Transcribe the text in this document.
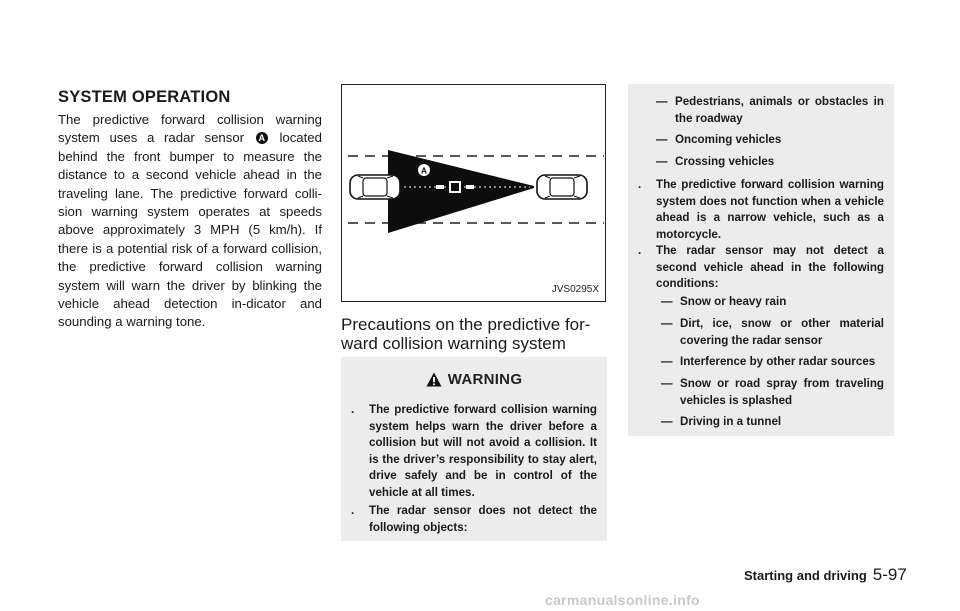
SYSTEM OPERATION
The predictive forward collision warning system uses a radar sensor A located behind the front bumper to measure the distance to a second vehicle ahead in the traveling lane. The predictive forward colli-sion warning system operates at speeds above approximately 3 MPH (5 km/h). If there is a potential risk of a forward collision, the predictive forward collision warning system will warn the driver by blinking the vehicle ahead detection in-dicator and sounding a warning tone.
A
JVS0295X
Precautions on the predictive for-
ward collision warning system
WARNING
.	The predictive forward collision warning system helps warn the driver before a collision but will not avoid a collision. It is the driver’s responsibility to stay alert, drive safely and be in control of the vehicle at all times.
.	The radar sensor does not detect the following objects:
— Pedestrians, animals or obstacles in the roadway
— Oncoming vehicles
— Crossing vehicles
.	The predictive forward collision warning system does not function when a vehicle ahead is a narrow vehicle, such as a motorcycle.
.	The radar sensor may not detect a second vehicle ahead in the following conditions:
— Snow or heavy rain
— Dirt, ice, snow or other material covering the radar sensor
— Interference by other radar sources
— Snow or road spray from traveling vehicles is splashed
— Driving in a tunnel
Starting and driving 5-97
carmanualsonline.info
